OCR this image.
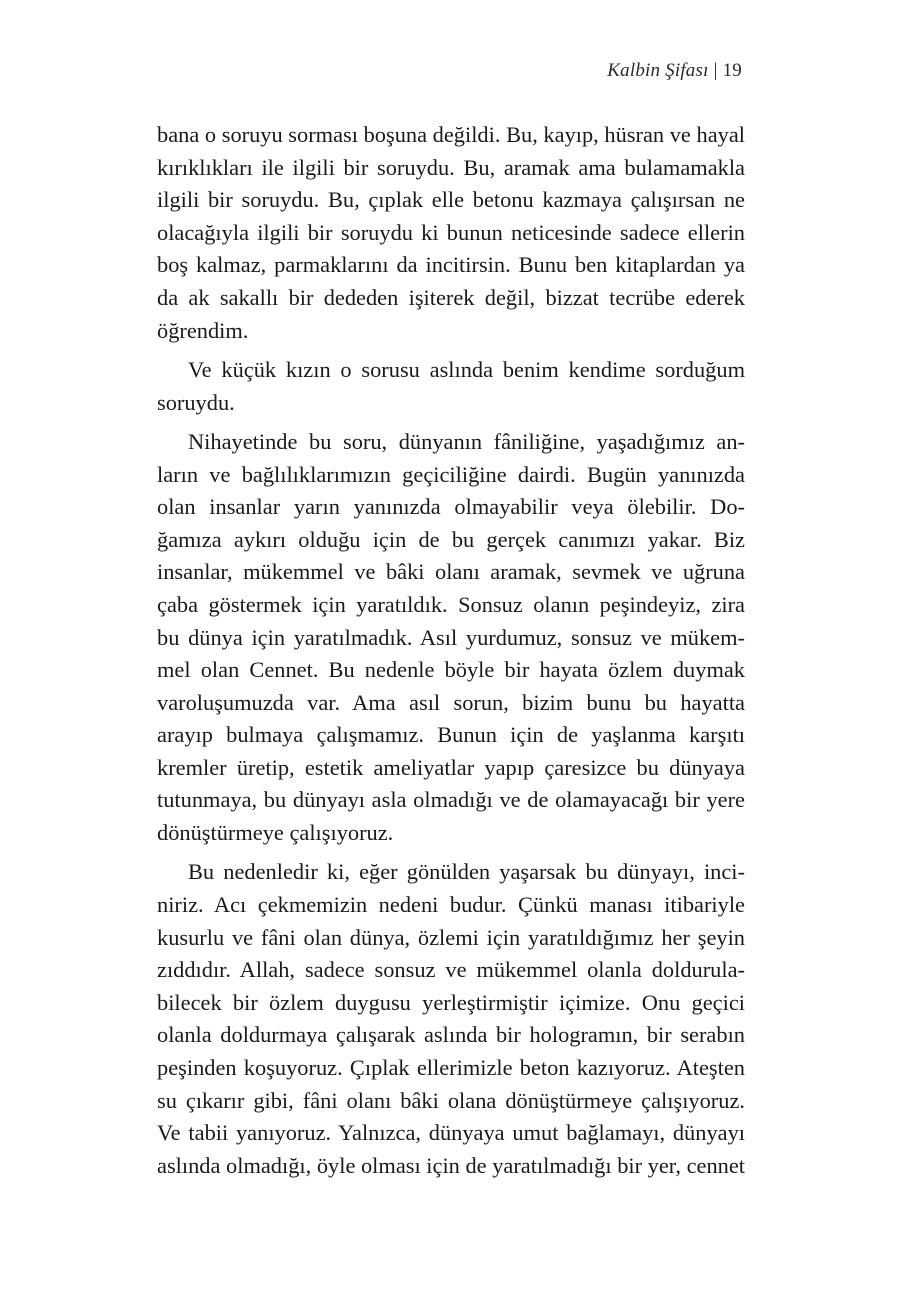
Kalbin Şifası | 19
bana o soruyu sorması boşuna değildi. Bu, kayıp, hüsran ve hayal
kırıklıkları ile ilgili bir soruydu. Bu, aramak ama bulamamakla
ilgili bir soruydu. Bu, çıplak elle betonu kazmaya çalışırsan ne
olacağıyla ilgili bir soruydu ki bunun neticesinde sadece ellerin
boş kalmaz, parmaklarını da incitirsin. Bunu ben kitaplardan ya
da ak sakallı bir dededen işiterek değil, bizzat tecrübe ederek
öğrendim.
Ve küçük kızın o sorusu aslında benim kendime sorduğum
soruydu.
Nihayetinde bu soru, dünyanın fâniliğine, yaşadığımız an-
ların ve bağlılıklarımızın geçiciliğine dairdi. Bugün yanınızda
olan insanlar yarın yanınızda olmayabilir veya ölebilir. Do-
ğamıza aykırı olduğu için de bu gerçek canımızı yakar. Biz
insanlar, mükemmel ve bâki olanı aramak, sevmek ve uğruna
çaba göstermek için yaratıldık. Sonsuz olanın peşindeyiz, zira
bu dünya için yaratılmadık. Asıl yurdumuz, sonsuz ve mükem-
mel olan Cennet. Bu nedenle böyle bir hayata özlem duymak
varoluşumuzda var. Ama asıl sorun, bizim bunu bu hayatta
arayıp bulmaya çalışmamız. Bunun için de yaşlanma karşıtı
kremler üretip, estetik ameliyatlar yapıp çaresizce bu dünyaya
tutunmaya, bu dünyayı asla olmadığı ve de olamayacağı bir yere
dönüştürmeye çalışıyoruz.
Bu nedenledir ki, eğer gönülden yaşarsak bu dünyayı, inci-
niriz. Acı çekmemizin nedeni budur. Çünkü manası itibariyle
kusurlu ve fâni olan dünya, özlemi için yaratıldığımız her şeyin
zıddıdır. Allah, sadece sonsuz ve mükemmel olanla doldurula-
bilecek bir özlem duygusu yerleştirmiştir içimize. Onu geçici
olanla doldurmaya çalışarak aslında bir hologramın, bir serabın
peşinden koşuyoruz. Çıplak ellerimizle beton kazıyoruz. Ateşten
su çıkarır gibi, fâni olanı bâki olana dönüştürmeye çalışıyoruz.
Ve tabii yanıyoruz. Yalnızca, dünyaya umut bağlamayı, dünyayı
aslında olmadığı, öyle olması için de yaratılmadığı bir yer, cennet
